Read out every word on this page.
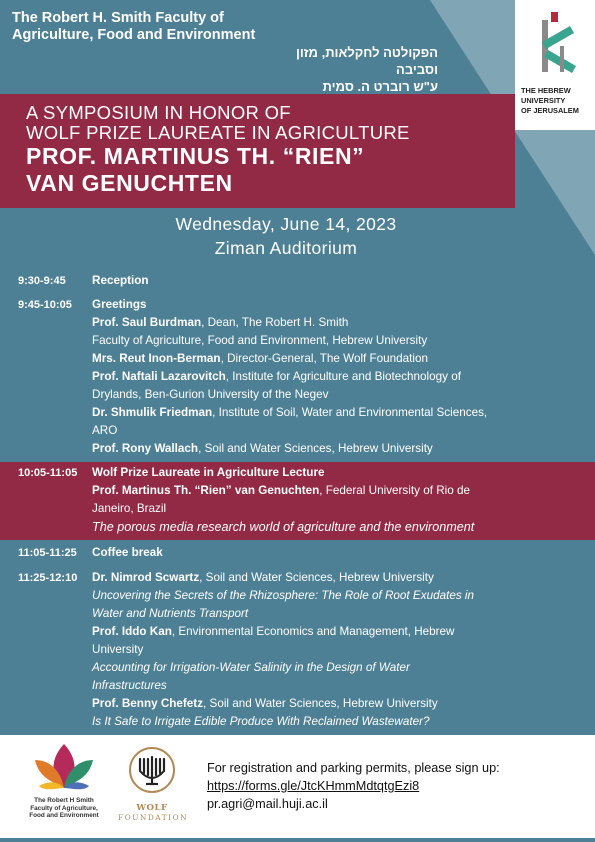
The Robert H. Smith Faculty of
Agriculture, Food and Environment
הפקולטה לחקלאות, מזון וסביבה
ע"ש רוברט ה. סמית	THE HEBREW
UNIVERSITY
OF JERUSALEM
A SYMPOSIUM IN HONOR OF
WOLF PRIZE LAUREATE IN AGRICULTURE
PROF. MARTINUS TH. “RIEN”
VAN GENUCHTEN
Wednesday, June 14, 2023
Ziman Auditorium
9:30-9:45 Reception
9:45-10:05 Greetings
Prof. Saul Burdman, Dean, The Robert H. Smith
Faculty of Agriculture, Food and Environment, Hebrew University
Mrs. Reut Inon-Berman, Director-General, The Wolf Foundation
Prof. Naftali Lazarovitch, Institute for Agriculture and Biotechnology of
Drylands, Ben-Gurion University of the Negev
Dr. Shmulik Friedman, Institute of Soil, Water and Environmental Sciences,
ARO
Prof. Rony Wallach, Soil and Water Sciences, Hebrew University
10:05-11:05 Wolf Prize Laureate in Agriculture Lecture
Prof. Martinus Th. “Rien” van Genuchten, Federal University of Rio de
Janeiro, Brazil
The porous media research world of agriculture and the environment
11:05-11:25 Coffee break
11:25-12:10 Dr. Nimrod Scwartz, Soil and Water Sciences, Hebrew University
Uncovering the Secrets of the Rhizosphere: The Role of Root Exudates in
Water and Nutrients Transport
Prof. Iddo Kan, Environmental Economics and Management, Hebrew
University
Accounting for Irrigation-Water Salinity in the Design of Water
Infrastructures
Prof. Benny Chefetz, Soil and Water Sciences, Hebrew University
Is It Safe to Irrigate Edible Produce With Reclaimed Wastewater?
The Robert H Smith
Faculty of Agriculture,
Food and Environment
WOLF
FOUNDATION
For registration and parking permits, please sign up:
https://forms.gle/JtcKHmmMdtqtgEzi8
pr.agri@mail.huji.ac.il
